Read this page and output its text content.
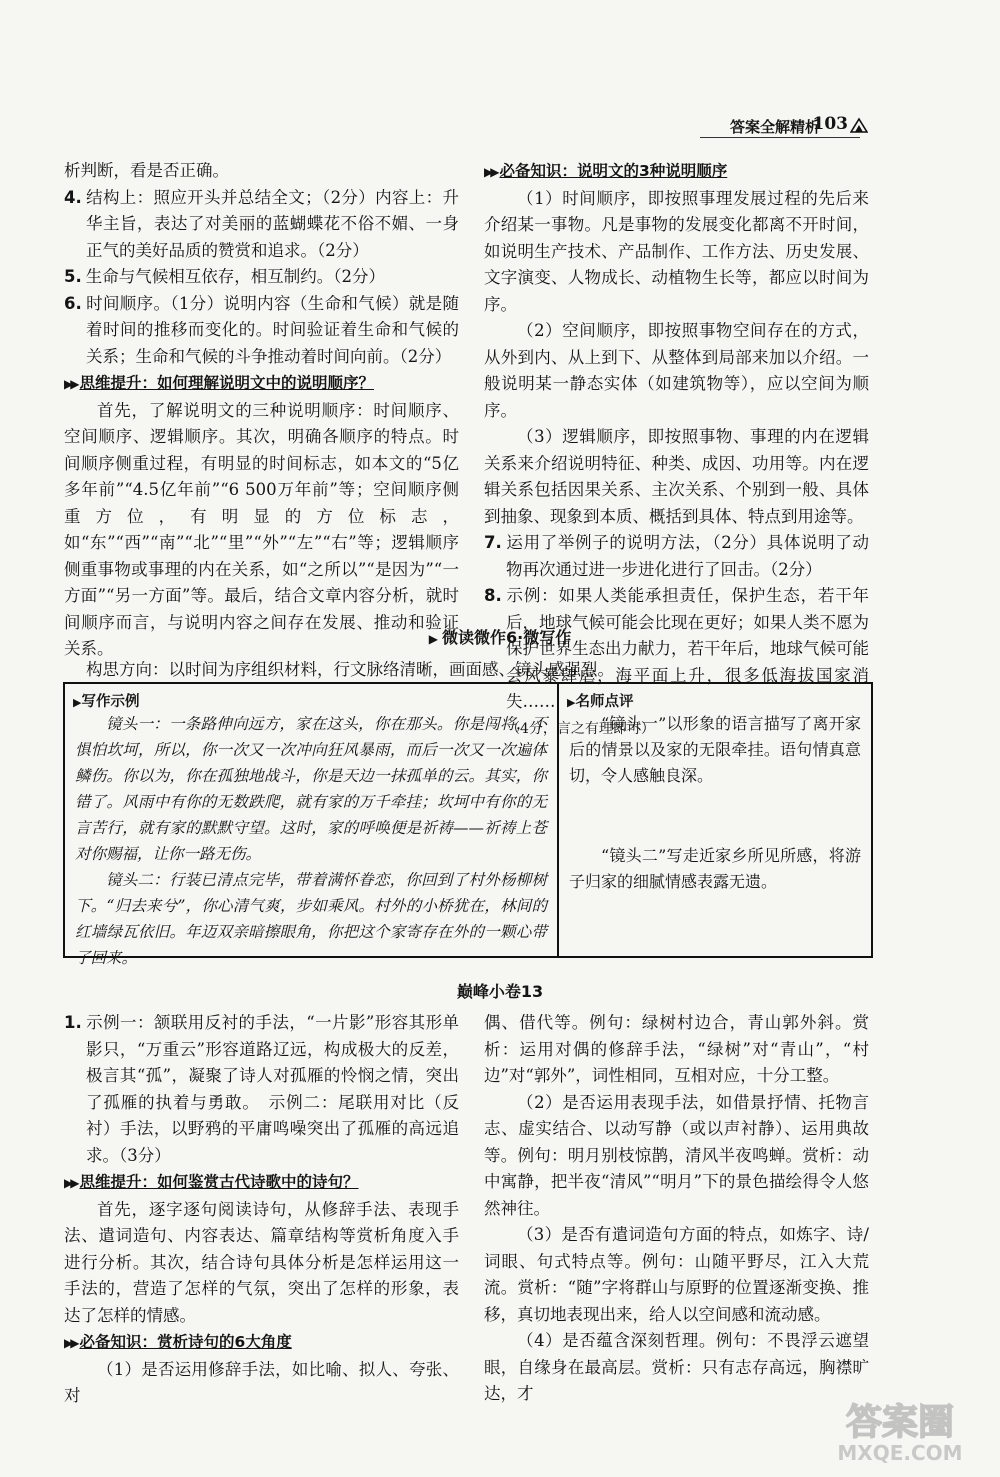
答案全解精析
103

析判断，看是否正确。

4. 结构上：照应开头并总结全文；（2分）内容上：升华主旨，表达了对美丽的蓝蝴蝶花不俗不媚、一身正气的美好品质的赞赏和追求。（2分）

5. 生命与气候相互依存，相互制约。（2分）

6. 时间顺序。（1分）说明内容（生命和气候）就是随着时间的推移而变化的。时间验证着生命和气候的关系；生命和气候的斗争推动着时间向前。（2分）

▶▶ 思维提升：如何理解说明文中的说明顺序？

首先，了解说明文的三种说明顺序：时间顺序、空间顺序、逻辑顺序。其次，明确各顺序的特点。时间顺序侧重过程，有明显的时间标志，如本文的“5亿多年前”“4.5亿年前”“6 500万年前”等；空间顺序侧重方位，有明显的方位标志，如“东”“西”“南”“北”“里”“外”“左”“右”等；逻辑顺序侧重事物或事理的内在关系，如“之所以”“是因为”“一方面”“另一方面”等。最后，结合文章内容分析，就时间顺序而言，与说明内容之间存在发展、推动和验证关系。

▶▶ 必备知识：说明文的3种说明顺序

（1）时间顺序，即按照事理发展过程的先后来介绍某一事物。凡是事物的发展变化都离不开时间，如说明生产技术、产品制作、工作方法、历史发展、文字演变、人物成长、动植物生长等，都应以时间为序。

（2）空间顺序，即按照事物空间存在的方式，从外到内、从上到下、从整体到局部来加以介绍。一般说明某一静态实体（如建筑物等），应以空间为顺序。

（3）逻辑顺序，即按照事物、事理的内在逻辑关系来介绍说明特征、种类、成因、功用等。内在逻辑关系包括因果关系、主次关系、个别到一般、具体到抽象、现象到本质、概括到具体、特点到用途等。

7. 运用了举例子的说明方法，（2分）具体说明了动物再次通过进一步进化进行了回击。（2分）

8. 示例：如果人类能承担责任，保护生态，若干年后，地球气候可能会比现在更好；如果人类不愿为保护世界生态出力献力，若干年后，地球气候可能会风暴肆虐，海平面上升，很多低海拔国家消失……

（4分，言之有理即可）

▶ 微读微作6·微写作
构思方向：以时间为序组织材料，行文脉络清晰，画面感、镜头感强烈。
▶写作示例

镜头一：一条路伸向远方，家在这头，你在那头。你是闯将，不惧怕坎坷，所以，你一次又一次冲向狂风暴雨，而后一次又一次遍体鳞伤。你以为，你在孤独地战斗，你是天边一抹孤单的云。其实，你错了。风雨中有你的无数跌爬，就有家的万千牵挂；坎坷中有你的无言苦行，就有家的默默守望。这时，家的呼唤便是祈祷——祈祷上苍对你赐福，让你一路无伤。

镜头二：行装已清点完毕，带着满怀眷恋，你回到了村外杨柳树下。“归去来兮”，你心清气爽，步如乘风。村外的小桥犹在，林间的红墙绿瓦依旧。年迈双亲暗擦眼角，你把这个家寄存在外的一颗心带了回来。

▶名师点评

“镜头一”以形象的语言描写了离开家后的情景以及家的无限牵挂。语句情真意切，令人感触良深。

“镜头二”写走近家乡所见所感，将游子归家的细腻情感表露无遗。

巅峰小卷13

1. 示例一：颔联用反衬的手法，“一片影”形容其形单影只，“万重云”形容道路辽远，构成极大的反差，极言其“孤”，凝聚了诗人对孤雁的怜悯之情，突出了孤雁的执着与勇敢。　示例二：尾联用对比（反衬）手法，以野鸦的平庸鸣噪突出了孤雁的高远追求。（3分）

▶▶ 思维提升：如何鉴赏古代诗歌中的诗句？

首先，逐字逐句阅读诗句，从修辞手法、表现手法、遣词造句、内容表达、篇章结构等赏析角度入手进行分析。其次，结合诗句具体分析是怎样运用这一手法的，营造了怎样的气氛，突出了怎样的形象，表达了怎样的情感。

▶▶ 必备知识：赏析诗句的6大角度

（1）是否运用修辞手法，如比喻、拟人、夸张、对

偶、借代等。例句：绿树村边合，青山郭外斜。赏析：运用对偶的修辞手法，“绿树”对“青山”，“村边”对“郭外”，词性相同，互相对应，十分工整。

（2）是否运用表现手法，如借景抒情、托物言志、虚实结合、以动写静（或以声衬静）、运用典故等。例句：明月别枝惊鹊，清风半夜鸣蝉。赏析：动中寓静，把半夜“清风”“明月”下的景色描绘得令人悠然神往。

（3）是否有遣词造句方面的特点，如炼字、诗/词眼、句式特点等。例句：山随平野尽，江入大荒流。赏析：“随”字将群山与原野的位置逐渐变换、推移，真切地表现出来，给人以空间感和流动感。

（4）是否蕴含深刻哲理。例句：不畏浮云遮望眼，自缘身在最高层。赏析：只有志存高远，胸襟旷达，才

答案圈
MXQE.COM
